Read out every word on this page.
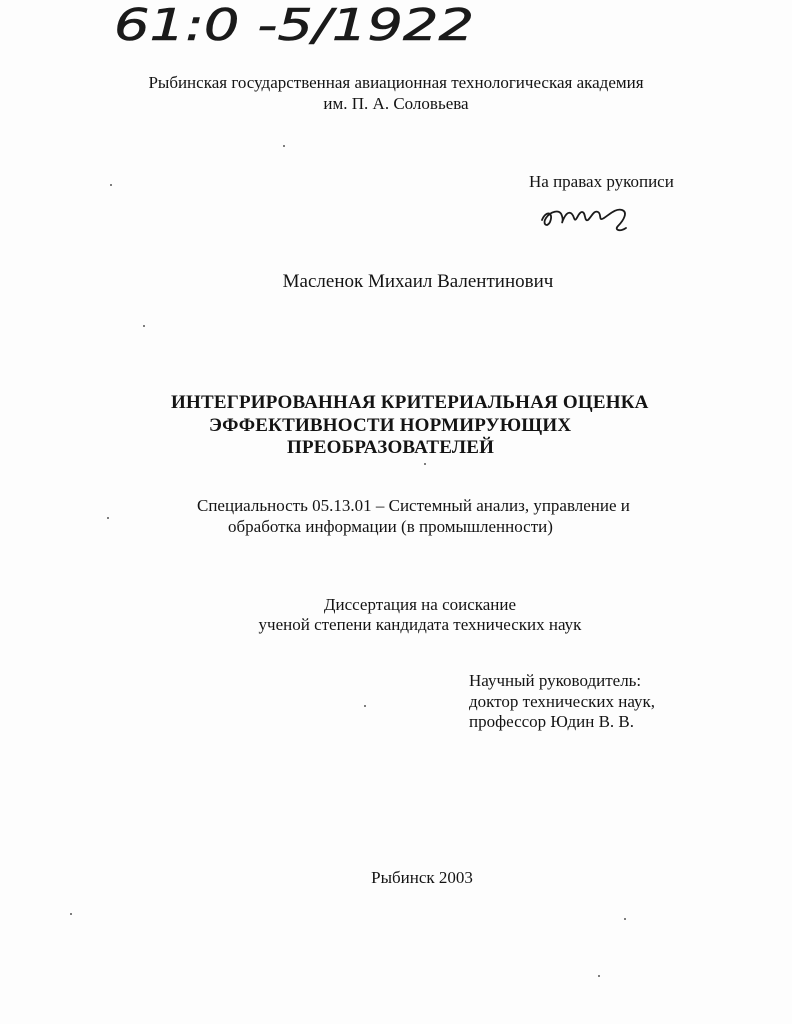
61:0 -5/1922
Рыбинская государственная авиационная технологическая академия
им. П. А. Соловьева
На правах рукописи
Масленок Михаил Валентинович
ИНТЕГРИРОВАННАЯ КРИТЕРИАЛЬНАЯ ОЦЕНКА
ЭФФЕКТИВНОСТИ НОРМИРУЮЩИХ
ПРЕОБРАЗОВАТЕЛЕЙ
Специальность 05.13.01 – Системный анализ, управление и
обработка информации (в промышленности)
Диссертация на соискание
ученой степени кандидата технических наук
Научный руководитель:
доктор технических наук,
профессор Юдин В. В.
Рыбинск 2003
